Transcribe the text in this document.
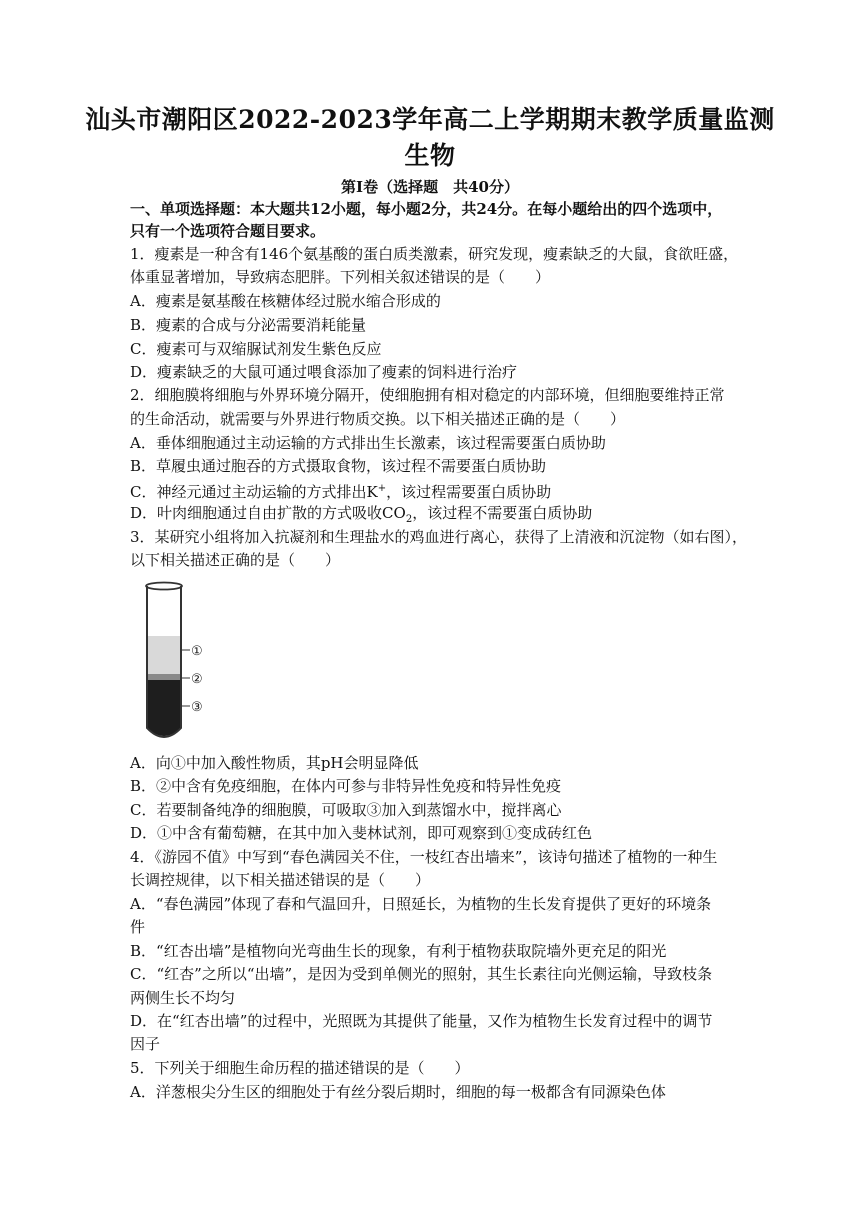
汕头市潮阳区2022-2023学年高二上学期期末教学质量监测
生物
第I卷（选择题　共40分）
一、单项选择题：本大题共12小题，每小题2分，共24分。在每小题给出的四个选项中，
只有一个选项符合题目要求。
1．瘦素是一种含有146个氨基酸的蛋白质类激素，研究发现，瘦素缺乏的大鼠，食欲旺盛，
体重显著增加，导致病态肥胖。下列相关叙述错误的是（　　）
A．瘦素是氨基酸在核糖体经过脱水缩合形成的
B．瘦素的合成与分泌需要消耗能量
C．瘦素可与双缩脲试剂发生紫色反应
D．瘦素缺乏的大鼠可通过喂食添加了瘦素的饲料进行治疗
2．细胞膜将细胞与外界环境分隔开，使细胞拥有相对稳定的内部环境，但细胞要维持正常
的生命活动，就需要与外界进行物质交换。以下相关描述正确的是（　　）
A．垂体细胞通过主动运输的方式排出生长激素，该过程需要蛋白质协助
B．草履虫通过胞吞的方式摄取食物，该过程不需要蛋白质协助
C．神经元通过主动运输的方式排出K+，该过程需要蛋白质协助
D．叶肉细胞通过自由扩散的方式吸收$CO_2$，该过程不需要蛋白质协助
3．某研究小组将加入抗凝剂和生理盐水的鸡血进行离心，获得了上清液和沉淀物（如右图），
以下相关描述正确的是（　　）
①
②
③
A．向①中加入酸性物质，其pH会明显降低
B．②中含有免疫细胞，在体内可参与非特异性免疫和特异性免疫
C．若要制备纯净的细胞膜，可吸取③加入到蒸馏水中，搅拌离心
D．①中含有葡萄糖，在其中加入斐林试剂，即可观察到①变成砖红色
4．《游园不值》中写到“春色满园关不住，一枝红杏出墙来”，该诗句描述了植物的一种生
长调控规律，以下相关描述错误的是（　　）
A．“春色满园”体现了春和气温回升，日照延长，为植物的生长发育提供了更好的环境条
件
B．“红杏出墙”是植物向光弯曲生长的现象，有利于植物获取院墙外更充足的阳光
C．“红杏”之所以“出墙”，是因为受到单侧光的照射，其生长素往向光侧运输，导致枝条
两侧生长不均匀
D．在“红杏出墙”的过程中，光照既为其提供了能量，又作为植物生长发育过程中的调节
因子
5．下列关于细胞生命历程的描述错误的是（　　）
A．洋葱根尖分生区的细胞处于有丝分裂后期时，细胞的每一极都含有同源染色体
